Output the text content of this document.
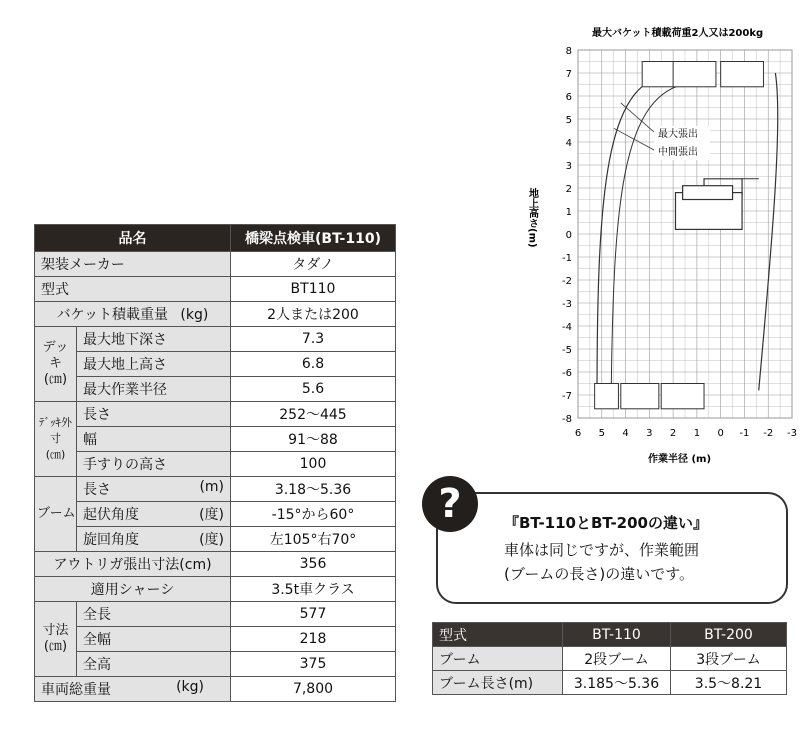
品名		橋梁点検車(BT-110)
架装メーカー		タダノ
型式		BT110
バケット積載重量 (kg)		2人または200
デッキ
(㎝)	最大地下深さ	7.3
	最大地上高さ	6.8
	最大作業半径	5.6
ﾃﾞｯｷ外寸
(㎝)	長さ	252～445
	幅	91～88
	手すりの高さ	100
ブーム	長さ (m)	3.18～5.36
	起伏角度 (度)	-15°から60°
	旋回角度 (度)	左105°右70°
アウトリガ張出寸法(cm)		356
適用シャーシ		3.5t車クラス
寸法
(㎝)	全長	577
	全幅	218
	全高	375
車両総重量 (kg)		7,800
最大バケット積載荷重2人又は200kg
8
7
6
5
4
3
2
1
0
-1
-2
-3
-4
-5
-6
-7
-8
6 5 4 3 2 1 0 -1 -2 -3
地上高さ(m)
作業半径 (m)
最大張出
中間張出
『BT-110とBT-200の違い』
車体は同じですが、作業範囲
(ブームの長さ)の違いです。
?
型式	BT-110	BT-200
ブーム	2段ブーム	3段ブーム
ブーム長さ(m)	3.185～5.36	3.5～8.21
